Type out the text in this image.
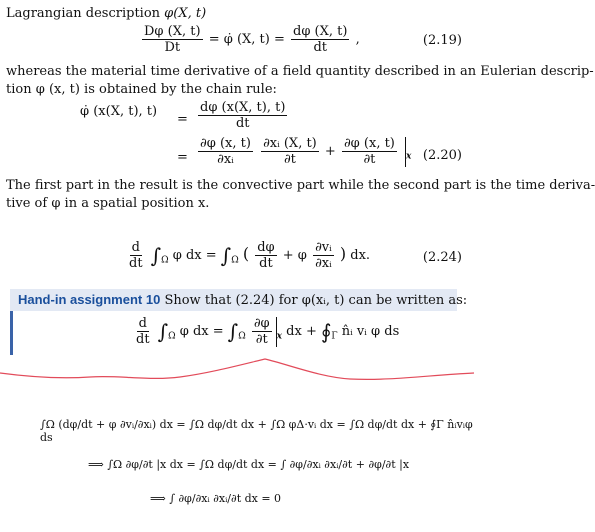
Lagrangian description φ(X, t)
$\frac{D\varphi (X, t)}{Dt}$ = φ̇ (X, $t) = \frac{d\varphi (X, t)}{dt}$ ,	(2.19)
whereas the material time derivative of a field quantity described in an Eulerian descrip-
tion φ (x, t) is obtained by the chain rule:
φ̇ (x(X, t), t)
= $\frac{d\varphi (x(X, t), t)}{dt}$
= $\frac{\partial\varphi (x, t)}{\text{∂xᵢ}}$
$\frac{\text{∂xᵢ (X, t)}}{\partial t} + \frac{\partial\varphi (x, t)}{\partial t} _x$ (2.20)
The first part in the result is the convective part while the second part is the time deriva-
tive of φ in a spatial position x.
$\frac{d}{dt} \int_\Omega$ φ dx = $\int_\Omega$ ( $\frac{d\varphi}{dt} + \varphi \frac{\text{∂vᵢ}}{\text{∂xᵢ}}$ ) dx.	(2.24)
Hand-in assignment 10 Show that (2.24) for φ(xᵢ, t) can be written as:
$\frac{d}{dt} \int_\Omega$ φ dx = $\int_\Omega \frac{\partial\varphi}{\partial t} _x$ dx + $∮_\Gamma$ n̂ᵢ vᵢ φ ds
∫Ω (dφ/dt + φ ∂vᵢ/∂xᵢ) dx = ∫Ω dφ/dt dx + ∫Ω φΔ·vᵢ dx = ∫Ω dφ/dt dx + ∮Γ n̂ᵢvᵢφ ds
⟹ ∫Ω ∂φ/∂t |x dx = ∫Ω dφ/dt dx = ∫ ∂φ/∂xᵢ ∂xᵢ/∂t + ∂φ/∂t |x
⟹ ∫ ∂φ/∂xᵢ ∂xᵢ/∂t dx = 0
